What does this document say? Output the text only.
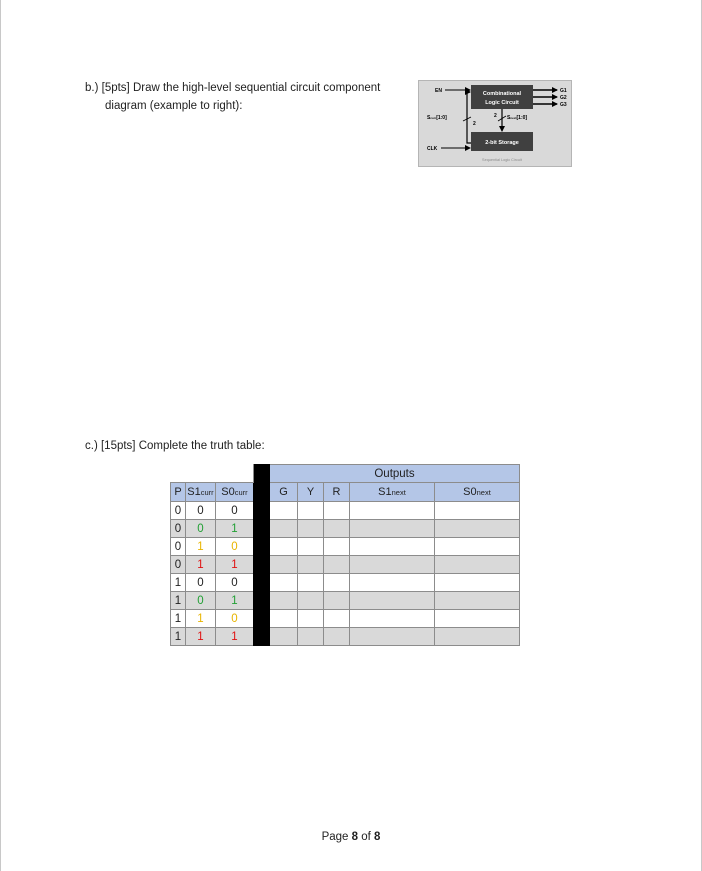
b.) [5pts] Draw the high-level sequential circuit component
diagram (example to right):
Combinational
Logic Circuit
EN	G1
G2
G3
2 Snext[1:0]
2-bit Storage
Scurr[1:0]
2
CLK
Sequential Logic Circuit
c.) [15pts] Complete the truth table:
				Outputs				
P	S1curr	S0curr		G	Y	R	S1next	S0next
0	0	0						
0	0	1						
0	1	0						
0	1	1						
1	0	0						
1	0	1						
1	1	0						
1	1	1						
Page 8 of 8
